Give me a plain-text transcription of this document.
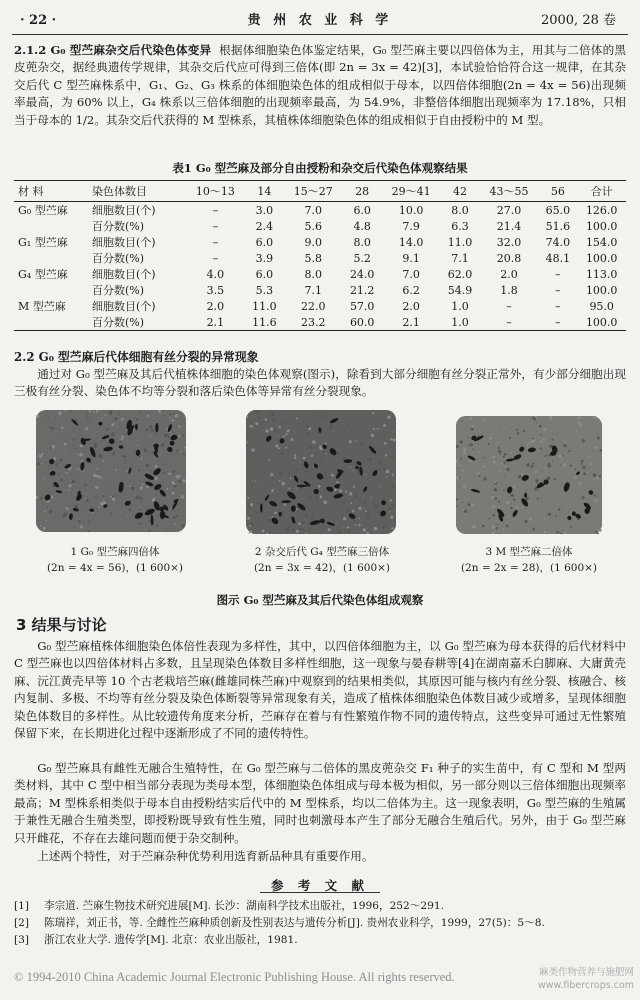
· 22 ·	贵 州 农 业 科 学	2000, 28 卷

2.1.2 G₀ 型苎麻杂交后代染色体变异 根据体细胞染色体鉴定结果，G₀ 型苎麻主要以四倍体为主，用其与二倍体的黑皮蔸杂交，据经典遗传学规律，其杂交后代应可得到三倍体(即 2n = 3x = 42)[3]，本试验恰恰符合这一规律，在其杂交后代 C 型苎麻株系中，G₁、G₂、G₃ 株系的体细胞染色体的组成相似于母本，以四倍体细胞(2n = 4x = 56)出现频率最高，为 60% 以上，G₄ 株系以三倍体细胞的出现频率最高，为 54.9%，非整倍体细胞出现频率为 17.18%，只相当于母本的 1/2。其杂交后代获得的 M 型株系，其植株体细胞染色体的组成相似于自由授粉中的 M 型。

表1 G₀ 型苎麻及部分自由授粉和杂交后代染色体观察结果
材 料	染色体数目	10～13	14	15～27	28	29～41	42	43～55	56	合计
G₀ 型苎麻	细胞数目(个)	–	3.0	7.0	6.0	10.0	8.0	27.0	65.0	126.0
	百分数(%)	–	2.4	5.6	4.8	7.9	6.3	21.4	51.6	100.0
G₁ 型苎麻	细胞数目(个)	–	6.0	9.0	8.0	14.0	11.0	32.0	74.0	154.0
	百分数(%)	–	3.9	5.8	5.2	9.1	7.1	20.8	48.1	100.0
G₄ 型苎麻	细胞数目(个)	4.0	6.0	8.0	24.0	7.0	62.0	2.0	–	113.0
	百分数(%)	3.5	5.3	7.1	21.2	6.2	54.9	1.8	–	100.0
M 型苎麻	细胞数目(个)	2.0	11.0	22.0	57.0	2.0	1.0	–	–	95.0
	百分数(%)	2.1	11.6	23.2	60.0	2.1	1.0	–	–	100.0
2.2 G₀ 型苎麻后代体细胞有丝分裂的异常现象

通过对 G₀ 型苎麻及其后代植株体细胞的染色体观察(图示)，除看到大部分细胞有丝分裂正常外，有少部分细胞出现三极有丝分裂、染色体不均等分裂和落后染色体等异常有丝分裂现象。

1 G₀ 型苎麻四倍体
(2n = 4x = 56)，(1 600×)
2 杂交后代 G₄ 型苎麻三倍体
(2n = 3x = 42)，(1 600×)
3 M 型苎麻二倍体
(2n = 2x = 28)，(1 600×)
图示 G₀ 型苎麻及其后代染色体组成观察
3 结果与讨论

G₀ 型苎麻植株体细胞染色体倍性表现为多样性，其中，以四倍体细胞为主，以 G₀ 型苎麻为母本获得的后代材料中 C 型苎麻也以四倍体材料占多数，且呈现染色体数目多样性细胞，这一现象与晏春耕等[4]在湖南嘉禾白脚麻、大庸黄壳麻、沅江黄壳早等 10 个古老栽培苎麻(雌雄同株苎麻)中观察到的结果相类似，其原因可能与核内有丝分裂、核融合、核内复制、多极、不均等有丝分裂及染色体断裂等异常现象有关，造成了植株体细胞染色体数目减少或增多，呈现体细胞染色体数目的多样性。从比较遗传角度来分析，苎麻存在着与有性繁殖作物不同的遗传特点，这些变异可通过无性繁殖保留下来，在长期进化过程中逐渐形成了不同的遗传特性。

G₀ 型苎麻具有雌性无融合生殖特性，在 G₀ 型苎麻与二倍体的黑皮蔸杂交 F₁ 种子的实生苗中，有 C 型和 M 型两类材料，其中 C 型中相当部分表现为类母本型，体细胞染色体组成与母本极为相似，另一部分则以三倍体细胞出现频率最高；M 型株系相类似于母本自由授粉结实后代中的 M 型株系，均以二倍体为主。这一现象表明，G₀ 型苎麻的生殖属于兼性无融合生殖类型，即授粉既导致有性生殖，同时也刺激母本产生了部分无融合生殖后代。另外，由于 G₀ 型苎麻只开雌花，不存在去雄问题而便于杂交制种。

上述两个特性，对于苎麻杂种优势利用选育新品种具有重要作用。

参 考 文 献
[1] 李宗道. 苎麻生物技术研究进展[M]. 长沙：湖南科学技术出版社，1996，252～291.
[2] 陈瑞祥，刘正书，等. 全雌性苎麻种质创新及性别表达与遗传分析[J]. 贵州农业科学，1999，27(5)：5～8.
[3] 浙江农业大学. 遗传学[M]. 北京：农业出版社，1981.
© 1994-2010 China Academic Journal Electronic Publishing House. All rights reserved.	麻类作物营养与施肥网
www.fibercrops.com
